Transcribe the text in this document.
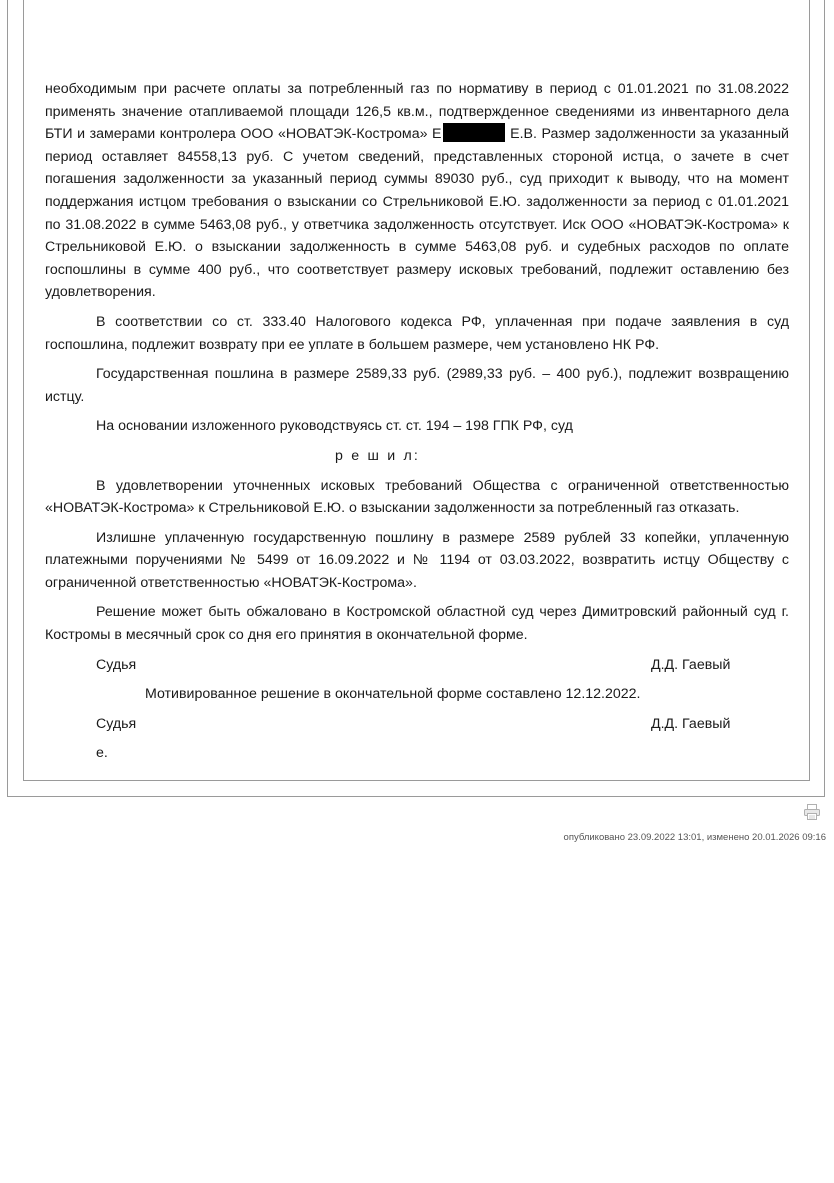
необходимым при расчете оплаты за потребленный газ по нормативу в период с 01.01.2021 по 31.08.2022 применять значение отапливаемой площади 126,5 кв.м., подтвержденное сведениями из инвентарного дела БТИ и замерами контролера ООО «НОВАТЭК-Кострома» Е	Е.В. Размер задолженности за указанный период оставляет 84558,13 руб. С учетом сведений, представленных стороной истца, о зачете в счет погашения задолженности за указанный период суммы 89030 руб., суд приходит к выводу, что на момент поддержания истцом требования о взыскании со Стрельниковой Е.Ю. задолженности за период с 01.01.2021 по 31.08.2022 в сумме 5463,08 руб., у ответчика задолженность отсутствует. Иск ООО «НОВАТЭК-Кострома» к Стрельниковой Е.Ю. о взыскании задолженность в сумме 5463,08 руб. и судебных расходов по оплате госпошлины в сумме 400 руб., что соответствует размеру исковых требований, подлежит оставлению без удовлетворения.

В соответствии со ст. 333.40 Налогового кодекса РФ, уплаченная при подаче заявления в суд госпошлина, подлежит возврату при ее уплате в большем размере, чем установлено НК РФ.

Государственная пошлина в размере 2589,33 руб. (2989,33 руб. – 400 руб.), подлежит возвращению истцу.

На основании изложенного руководствуясь ст. ст. 194 – 198 ГПК РФ, суд

р е ш и л:

В удовлетворении уточненных исковых требований Общества с ограниченной ответственностью «НОВАТЭК-Кострома» к Стрельниковой Е.Ю. о взыскании задолженности за потребленный газ отказать.

Излишне уплаченную государственную пошлину в размере 2589 рублей 33 копейки, уплаченную платежными поручениями № 5499 от 16.09.2022 и № 1194 от 03.03.2022, возвратить истцу Обществу с ограниченной ответственностью «НОВАТЭК-Кострома».

Решение может быть обжаловано в Костромской областной суд через Димитровский районный суд г. Костромы в месячный срок со дня его принятия в окончательной форме.

Судья	Д.Д. Гаевый

Мотивированное решение в окончательной форме составлено 12.12.2022.

Судья	Д.Д. Гаевый

е.

опубликовано 23.09.2022 13:01, изменено 20.01.2026 09:16
